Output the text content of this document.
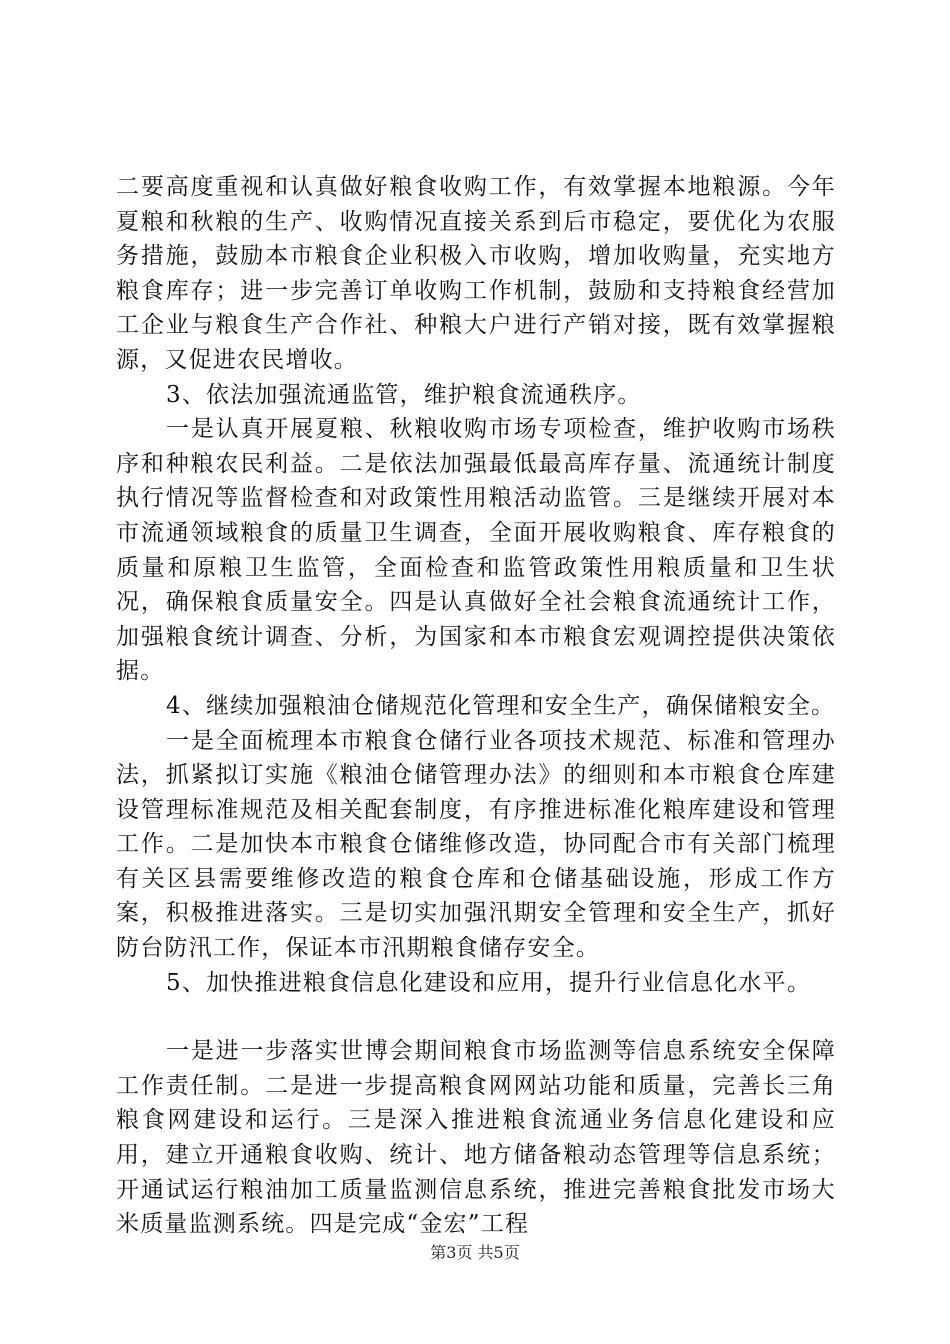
二要高度重视和认真做好粮食收购工作，有效掌握本地粮源。今年夏粮和秋粮的生产、收购情况直接关系到后市稳定，要优化为农服务措施，鼓励本市粮食企业积极入市收购，增加收购量，充实地方粮食库存；进一步完善订单收购工作机制，鼓励和支持粮食经营加工企业与粮食生产合作社、种粮大户进行产销对接，既有效掌握粮源，又促进农民增收。

3、依法加强流通监管，维护粮食流通秩序。

一是认真开展夏粮、秋粮收购市场专项检查，维护收购市场秩序和种粮农民利益。二是依法加强最低最高库存量、流通统计制度执行情况等监督检查和对政策性用粮活动监管。三是继续开展对本市流通领域粮食的质量卫生调查，全面开展收购粮食、库存粮食的质量和原粮卫生监管，全面检查和监管政策性用粮质量和卫生状况，确保粮食质量安全。四是认真做好全社会粮食流通统计工作，加强粮食统计调查、分析，为国家和本市粮食宏观调控提供决策依据。

4、继续加强粮油仓储规范化管理和安全生产，确保储粮安全。

一是全面梳理本市粮食仓储行业各项技术规范、标准和管理办法，抓紧拟订实施《粮油仓储管理办法》的细则和本市粮食仓库建设管理标准规范及相关配套制度，有序推进标准化粮库建设和管理工作。二是加快本市粮食仓储维修改造，协同配合市有关部门梳理有关区县需要维修改造的粮食仓库和仓储基础设施，形成工作方案，积极推进落实。三是切实加强汛期安全管理和安全生产，抓好防台防汛工作，保证本市汛期粮食储存安全。

5、加快推进粮食信息化建设和应用，提升行业信息化水平。

一是进一步落实世博会期间粮食市场监测等信息系统安全保障工作责任制。二是进一步提高粮食网网站功能和质量，完善长三角粮食网建设和运行。三是深入推进粮食流通业务信息化建设和应用，建立开通粮食收购、统计、地方储备粮动态管理等信息系统；开通试运行粮油加工质量监测信息系统，推进完善粮食批发市场大米质量监测系统。四是完成“金宏”工程

第3页 共5页
